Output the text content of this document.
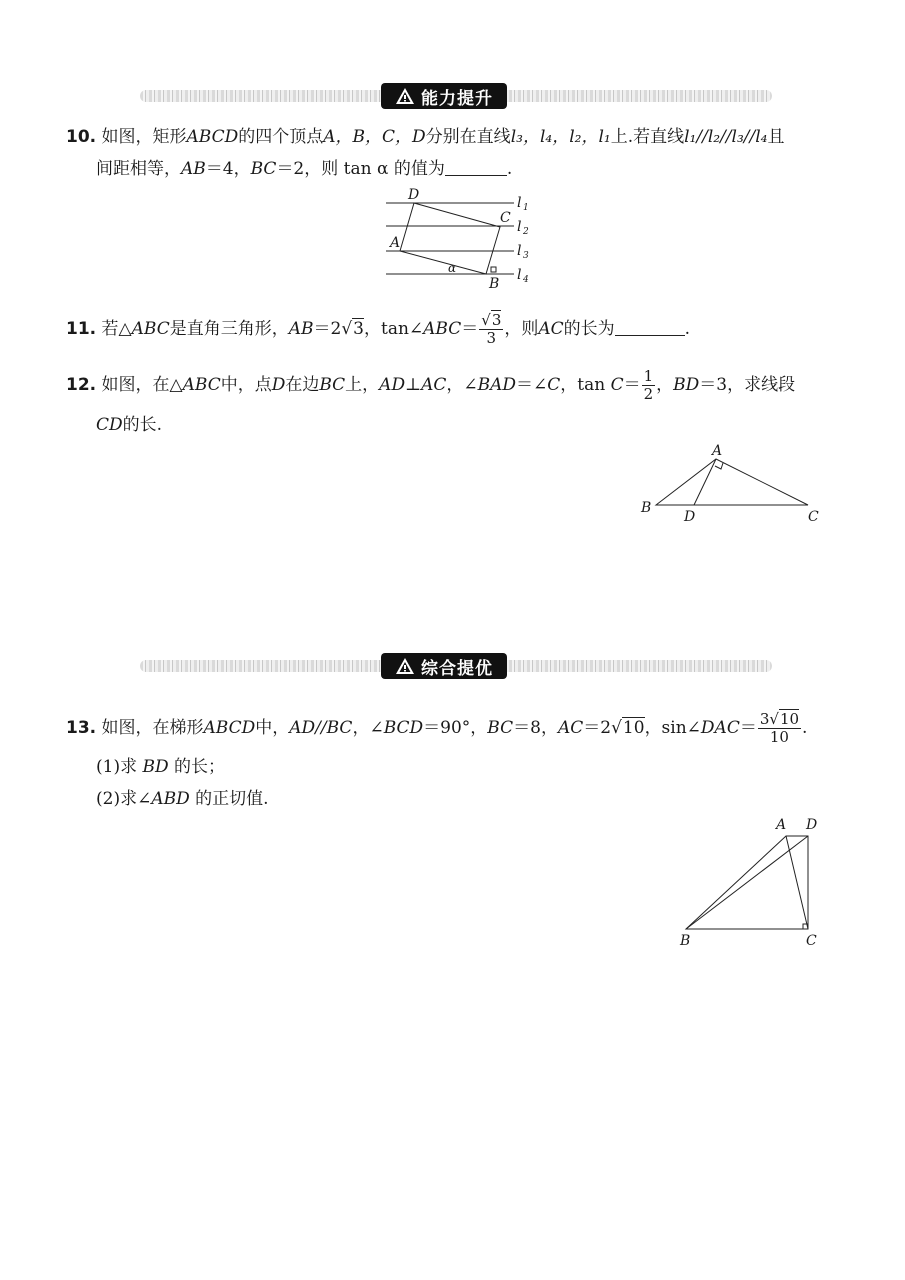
能力提升
10. 如图，矩形ABCD的四个顶点A，B，C，D分别在直线l₃，l₄，l₂，l₁上.若直线l₁//l₂//l₃//l₄且
间距相等，AB＝4，BC＝2，则 tan α 的值为	.
D
C
A
B
α
l 1
l 2
l 3
l 4
11. 若△ABC是直角三角形，AB＝2√3，tan∠ABC＝ $\frac{√3}{3}$ ，则AC的长为	.
12. 如图，在△ABC中，点D在边BC上，AD⊥AC，∠BAD＝∠C，$\tan C= \frac{1}{2}$ ，BD＝3，求线段
CD的长.
A
B
C
D
综合提优
13. 如图，在梯形ABCD中，AD//BC，∠BCD＝90°，BC＝8，AC＝2√10，sin∠DAC＝ $\frac{3√10}{10}$ .
(1)求 BD 的长；
(2)求∠ABD 的正切值.
A D
B	C
